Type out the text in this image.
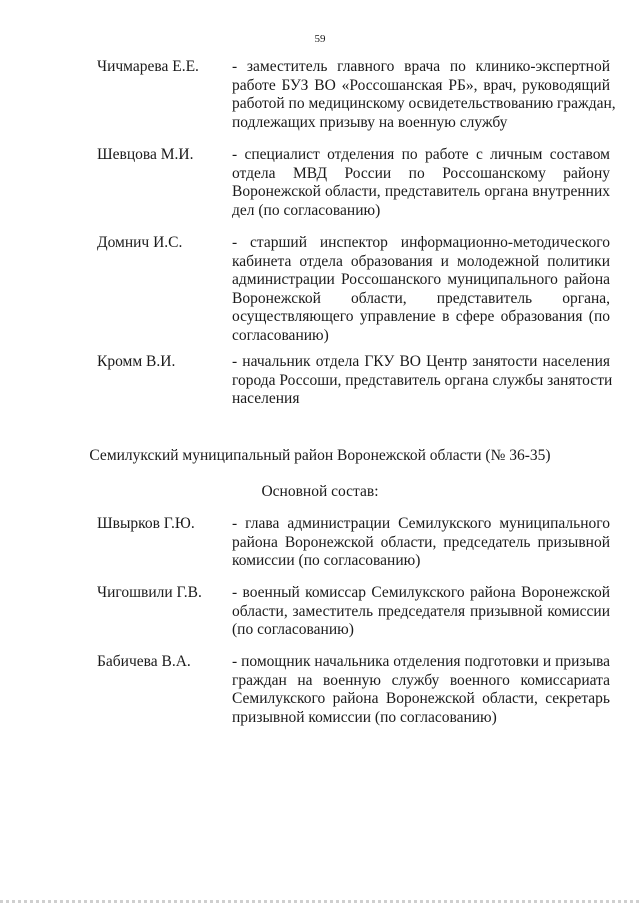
59
Чичмарева Е.Е. - заместитель главного врача по клинико-экспертной
работе БУЗ ВО «Россошанская РБ», врач, руководящий
работой по медицинскому освидетельствованию граждан,
подлежащих призыву на военную службу
Шевцова М.И. - специалист отделения по работе с личным составом
отдела МВД России по Россошанскому району
Воронежской области, представитель органа внутренних
дел (по согласованию)
Домнич И.С.	- старший инспектор информационно-методического
кабинета отдела образования и молодежной политики
администрации Россошанского муниципального района
Воронежской области, представитель органа,
осуществляющего управление в сфере образования (по
согласованию)
Кромм В.И.	- начальник отдела ГКУ ВО Центр занятости населения
города Россоши, представитель органа службы занятости
населения
Семилукский муниципальный район Воронежской области (№ 36-35)
Основной состав:
Швырков Г.Ю. - глава администрации Семилукского муниципального
района Воронежской области, председатель призывной
комиссии (по согласованию)
Чигошвили Г.В. - военный комиссар Семилукского района Воронежской
области, заместитель председателя призывной комиссии
(по согласованию)
Бабичева В.А.	- помощник начальника отделения подготовки и призыва
граждан на военную службу военного комиссариата
Семилукского района Воронежской области, секретарь
призывной комиссии (по согласованию)
